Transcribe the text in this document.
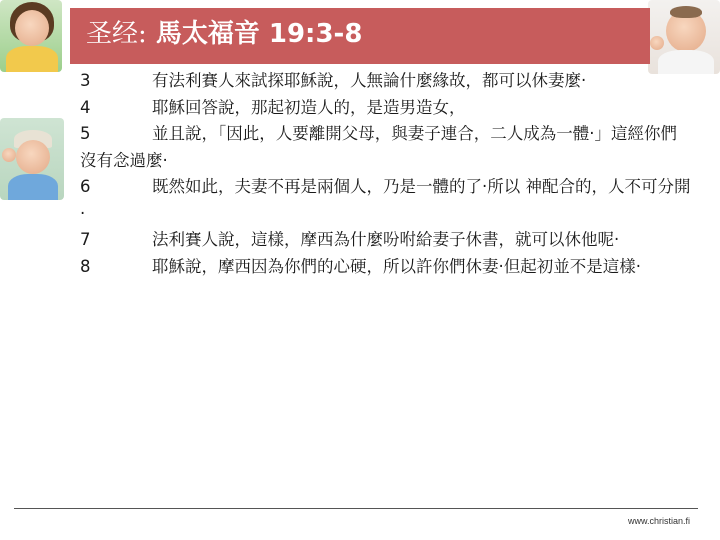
圣经: 馬太福音 19:3-8

3	有法利賽人來試探耶穌說，人無論什麼緣故，都可以休妻麼·

4	耶穌回答說，那起初造人的，是造男造女，

5	並且說，「因此，人要離開父母，與妻子連合，二人成為一體·」這經你們沒有念過麼·

6	既然如此，夫妻不再是兩個人，乃是一體的了·所以 神配合的，人不可分開·

7	法利賽人說，這樣，摩西為什麼吩咐給妻子休書，就可以休他呢·

8	耶穌說，摩西因為你們的心硬，所以許你們休妻·但起初並不是這樣·

www.christian.fi
